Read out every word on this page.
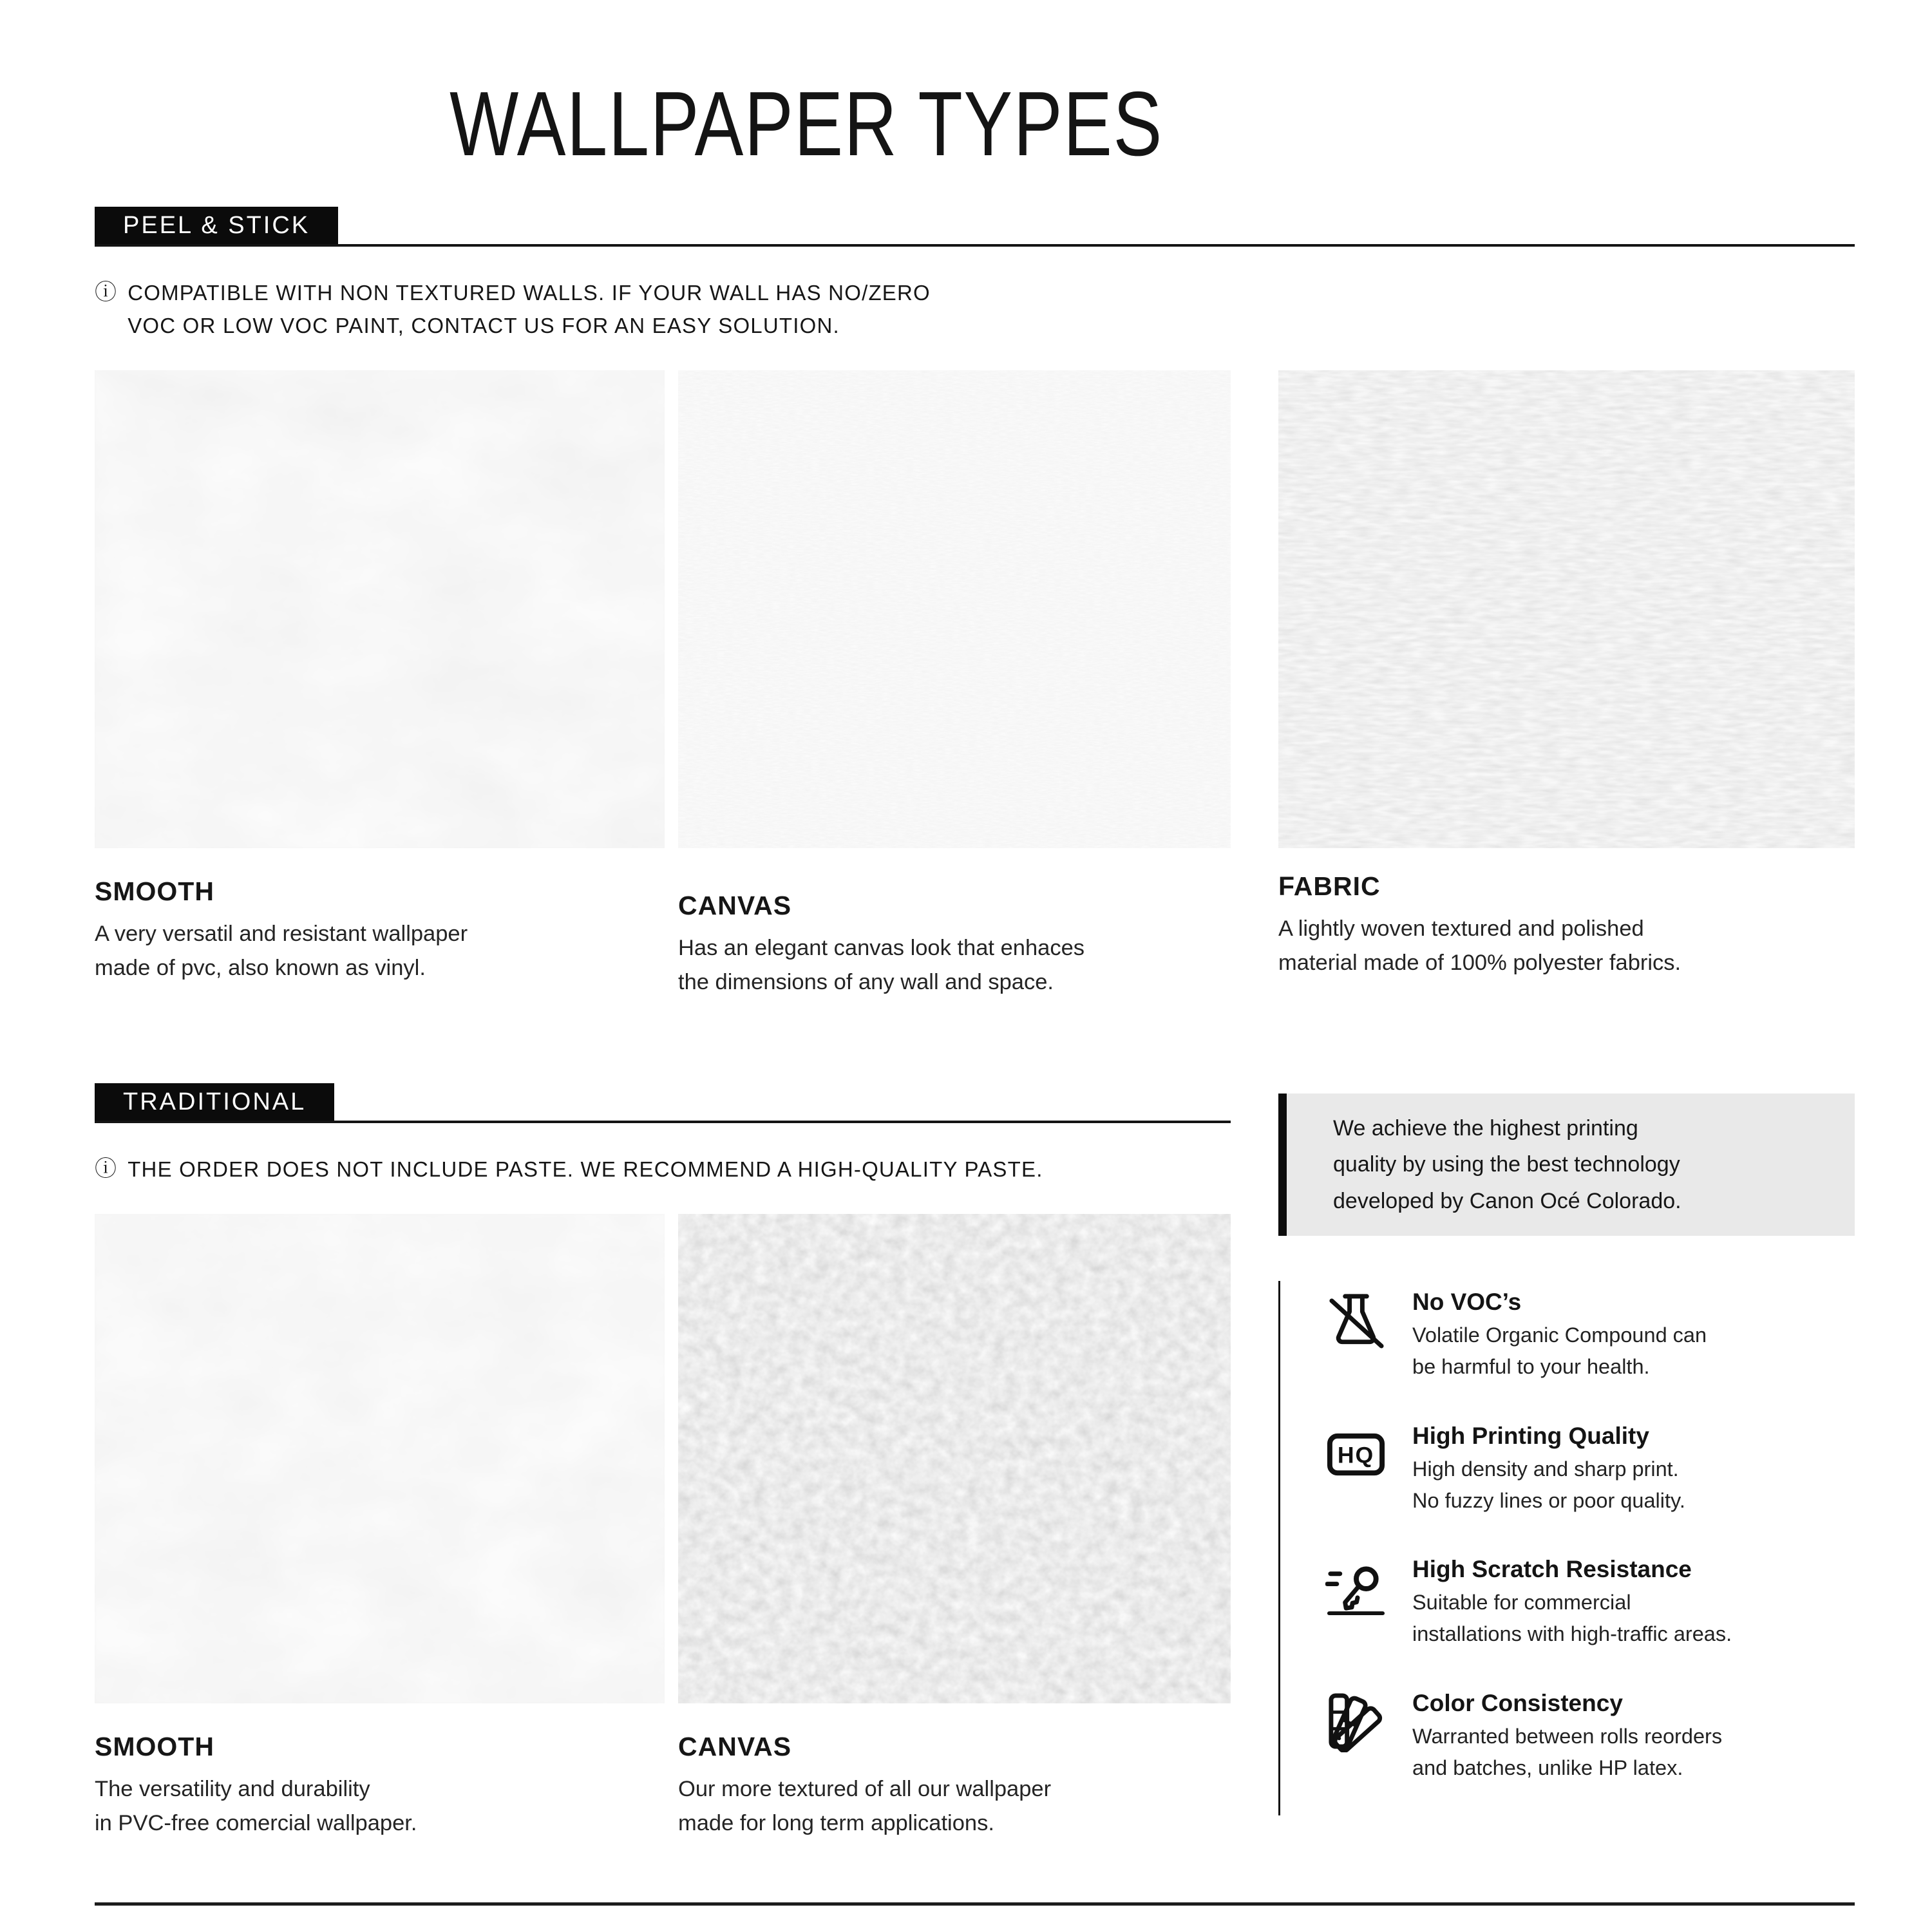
WALLPAPER TYPES
PEEL & STICK

ⓘ COMPATIBLE WITH NON TEXTURED WALLS. IF YOUR WALL HAS NO/ZERO
VOC OR LOW VOC PAINT, CONTACT US FOR AN EASY SOLUTION.

SMOOTH

A very versatil and resistant wallpaper
made of pvc, also known as vinyl.

CANVAS

Has an elegant canvas look that enhaces
the dimensions of any wall and space.

FABRIC

A lightly woven textured and polished
material made of 100% polyester fabrics.

TRADITIONAL

ⓘ THE ORDER DOES NOT INCLUDE PASTE. WE RECOMMEND A HIGH-QUALITY PASTE.

SMOOTH

The versatility and durability
in PVC-free comercial wallpaper.

CANVAS

Our more textured of all our wallpaper
made for long term applications.

We achieve the highest printing
quality by using the best technology
developed by Canon Océ Colorado.
No VOC’s

Volatile Organic Compound can
be harmful to your health.

HQ
High Printing Quality

High density and sharp print.
No fuzzy lines or poor quality.

High Scratch Resistance

Suitable for commercial
installations with high-traffic areas.

Color Consistency

Warranted between rolls reorders
and batches, unlike HP latex.
